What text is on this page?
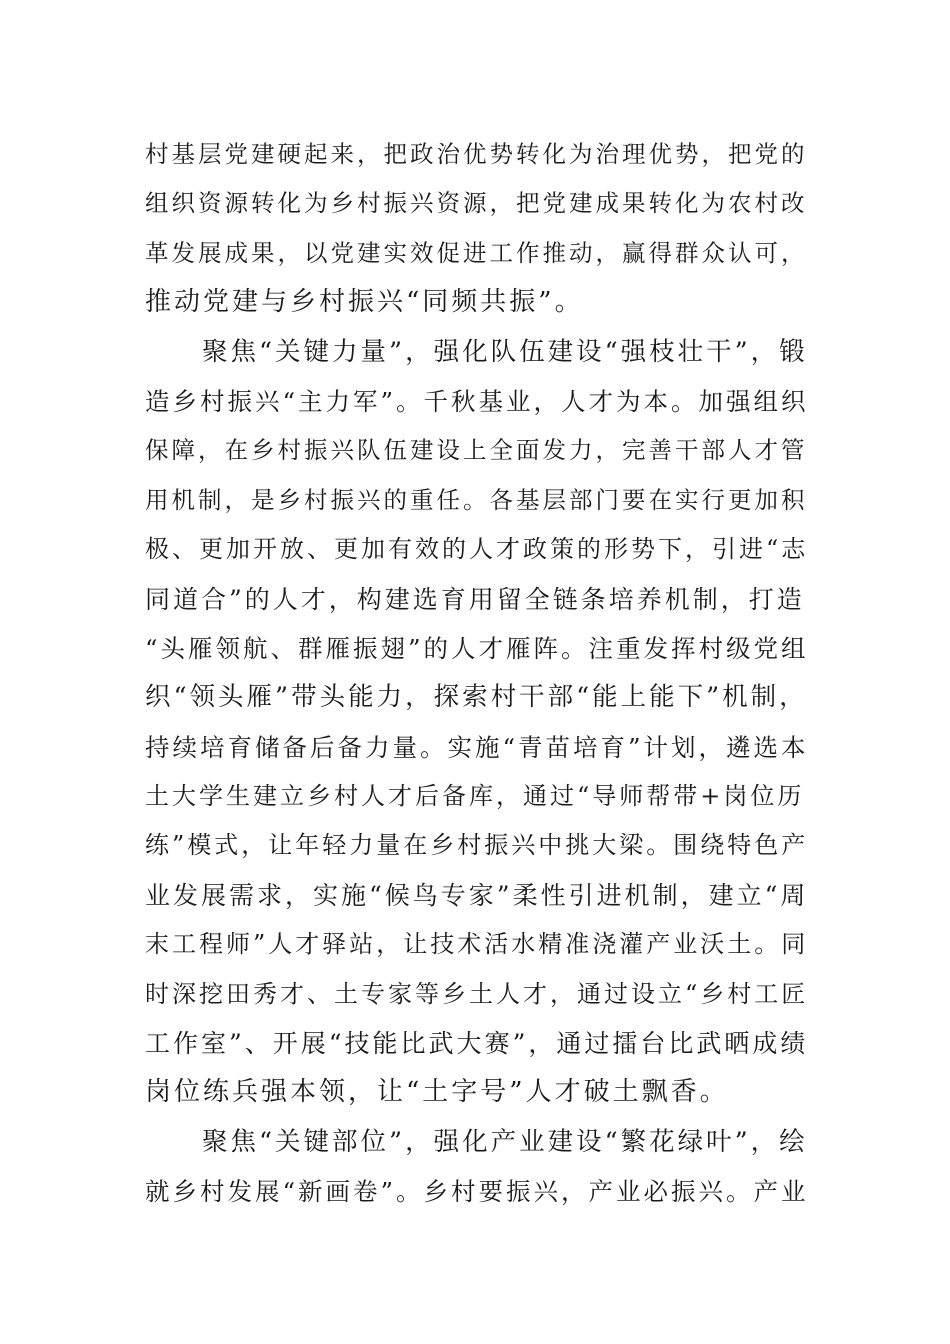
村基层党建硬起来，把政治优势转化为治理优势，把党的
组织资源转化为乡村振兴资源，把党建成果转化为农村改
革发展成果，以党建实效促进工作推动，赢得群众认可，
推动党建与乡村振兴“同频共振”。
聚焦“关键力量”，强化队伍建设“强枝壮干”，锻
造乡村振兴“主力军”。千秋基业，人才为本。加强组织
保障，在乡村振兴队伍建设上全面发力，完善干部人才管
用机制，是乡村振兴的重任。各基层部门要在实行更加积
极、更加开放、更加有效的人才政策的形势下，引进“志
同道合”的人才，构建选育用留全链条培养机制，打造
“头雁领航、群雁振翅”的人才雁阵。注重发挥村级党组
织“领头雁”带头能力，探索村干部“能上能下”机制，
持续培育储备后备力量。实施“青苗培育”计划，遴选本
土大学生建立乡村人才后备库，通过“导师帮带+岗位历
练”模式，让年轻力量在乡村振兴中挑大梁。围绕特色产
业发展需求，实施“候鸟专家”柔性引进机制，建立“周
末工程师”人才驿站，让技术活水精准浇灌产业沃土。同
时深挖田秀才、土专家等乡土人才，通过设立“乡村工匠
工作室”、开展“技能比武大赛”，通过擂台比武晒成绩
岗位练兵强本领，让“土字号”人才破土飘香。
聚焦“关键部位”，强化产业建设“繁花绿叶”，绘
就乡村发展“新画卷”。乡村要振兴，产业必振兴。产业
